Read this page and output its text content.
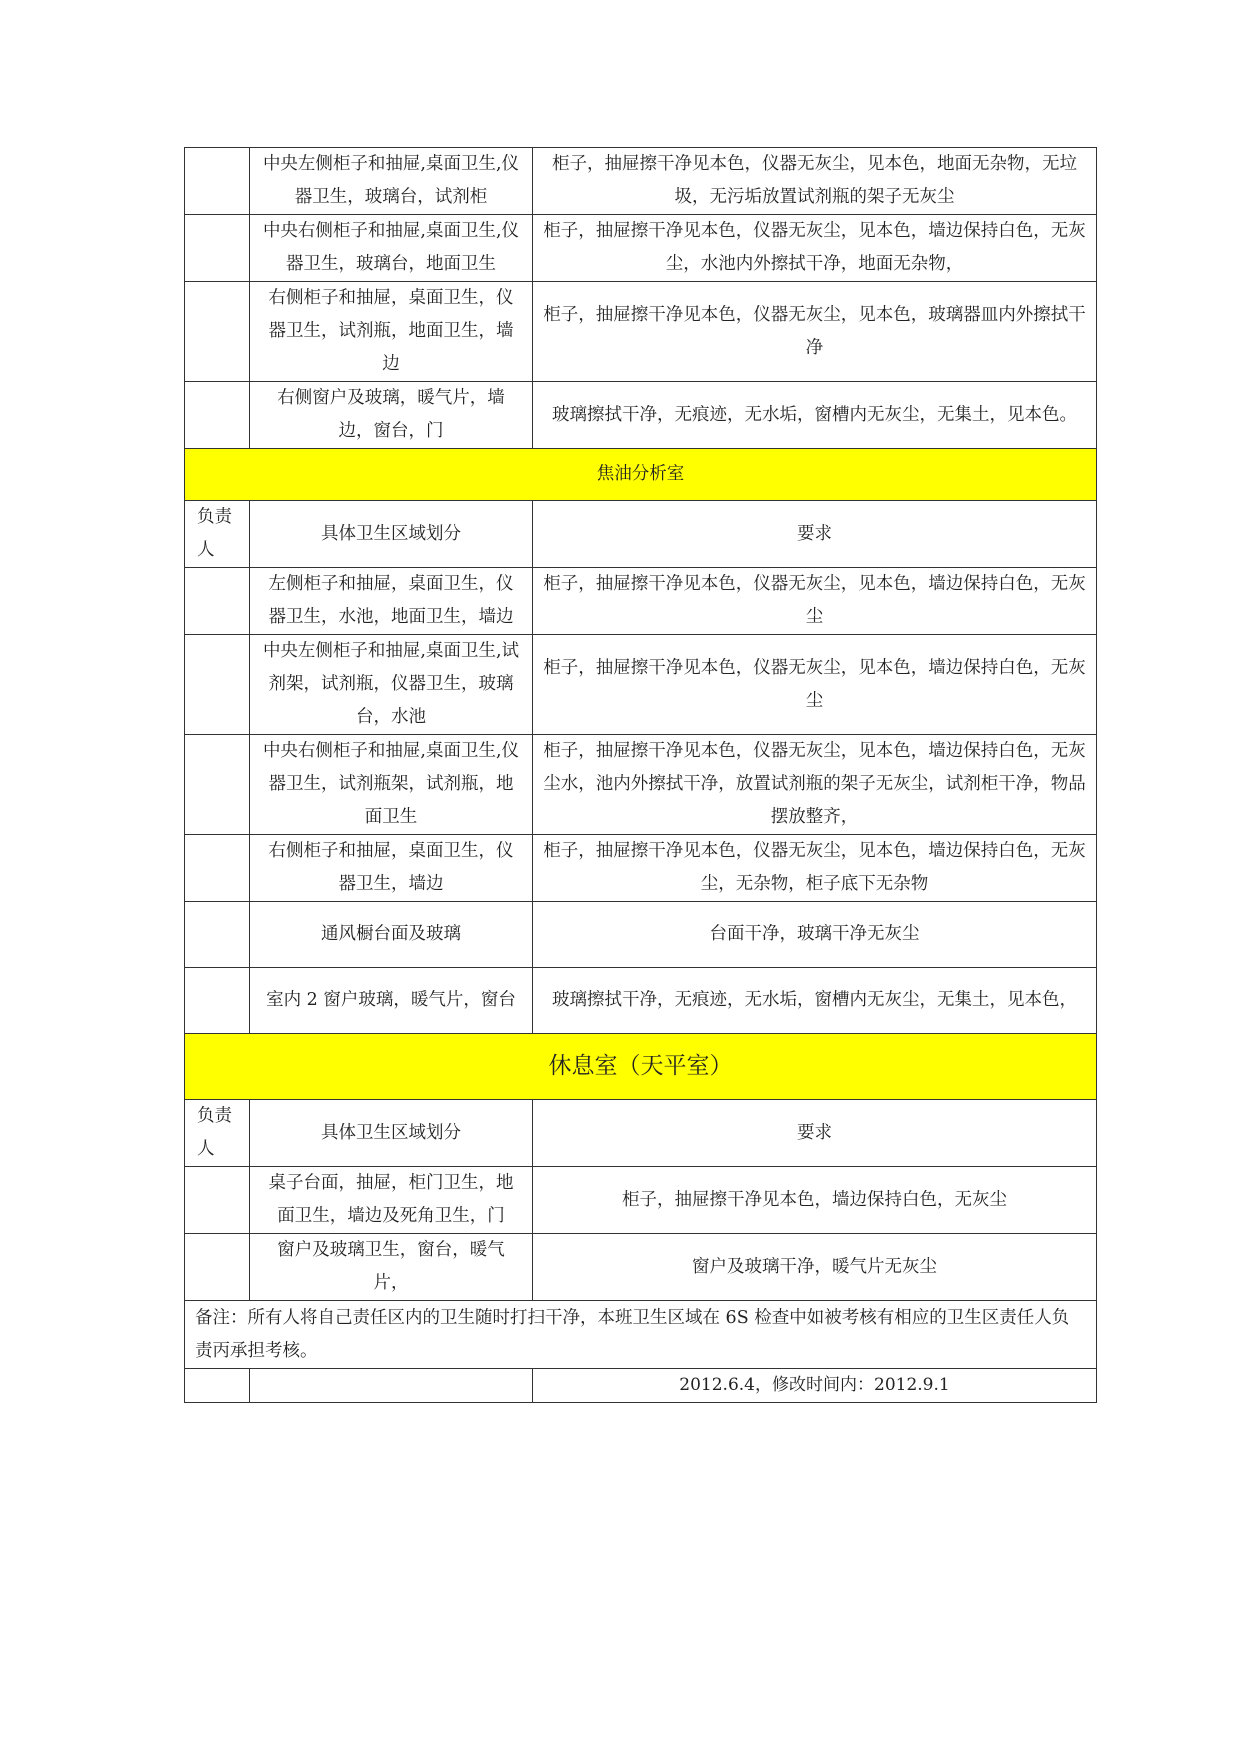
	中央左侧柜子和抽屉,桌面卫生,仪器卫生，玻璃台，试剂柜	柜子，抽屉擦干净见本色，仪器无灰尘，见本色，地面无杂物，无垃圾，无污垢放置试剂瓶的架子无灰尘
	中央右侧柜子和抽屉,桌面卫生,仪器卫生，玻璃台，地面卫生	柜子，抽屉擦干净见本色，仪器无灰尘，见本色，墙边保持白色，无灰尘，水池内外擦拭干净，地面无杂物，
	右侧柜子和抽屉，桌面卫生，仪器卫生，试剂瓶，地面卫生，墙边	柜子，抽屉擦干净见本色，仪器无灰尘，见本色，玻璃器皿内外擦拭干净
	右侧窗户及玻璃，暖气片，墙边，窗台，门	玻璃擦拭干净，无痕迹，无水垢，窗槽内无灰尘，无集土，见本色。
焦油分析室		
负责人	具体卫生区域划分	要求
	左侧柜子和抽屉，桌面卫生，仪器卫生，水池，地面卫生，墙边	柜子，抽屉擦干净见本色，仪器无灰尘，见本色，墙边保持白色，无灰尘
	中央左侧柜子和抽屉,桌面卫生,试剂架，试剂瓶，仪器卫生，玻璃台，水池	柜子，抽屉擦干净见本色，仪器无灰尘，见本色，墙边保持白色，无灰尘
	中央右侧柜子和抽屉,桌面卫生,仪器卫生，试剂瓶架，试剂瓶，地面卫生	柜子，抽屉擦干净见本色，仪器无灰尘，见本色，墙边保持白色，无灰尘水，池内外擦拭干净，放置试剂瓶的架子无灰尘，试剂柜干净，物品摆放整齐，
	右侧柜子和抽屉，桌面卫生，仪器卫生，墙边	柜子，抽屉擦干净见本色，仪器无灰尘，见本色，墙边保持白色，无灰尘，无杂物，柜子底下无杂物
	通风橱台面及玻璃	台面干净，玻璃干净无灰尘
	室内 2 窗户玻璃，暖气片，窗台	玻璃擦拭干净，无痕迹，无水垢，窗槽内无灰尘，无集土，见本色，
休息室（天平室）		
负责人	具体卫生区域划分	要求
	桌子台面，抽屉，柜门卫生，地面卫生，墙边及死角卫生，门	柜子，抽屉擦干净见本色，墙边保持白色，无灰尘
	窗户及玻璃卫生，窗台，暖气片，	窗户及玻璃干净，暖气片无灰尘
备注：所有人将自己责任区内的卫生随时打扫干净，本班卫生区域在 6S 检查中如被考核有相应的卫生区责任人负责丙承担考核。		
		2012.6.4，修改时间内：2012.9.1
